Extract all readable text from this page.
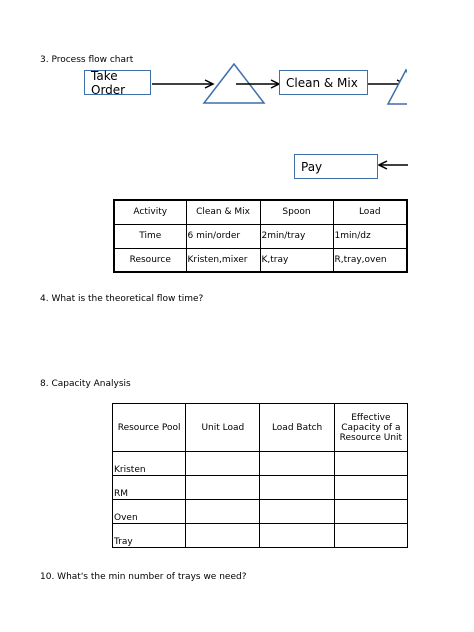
3. Process flow chart
Take Order	Clean & Mix
Pay
Activity	Clean & Mix	Spoon	Load
Time	6 min/order	2min/tray	1min/dz
Resource	Kristen,mixer	K,tray	R,tray,oven
4. What is the theoretical flow time?
8. Capacity Analysis
Resource Pool	Unit Load	Load Batch	Effective Capacity of a Resource Unit
Kristen			
RM			
Oven			
Tray			
10. What's the min number of trays we need?
